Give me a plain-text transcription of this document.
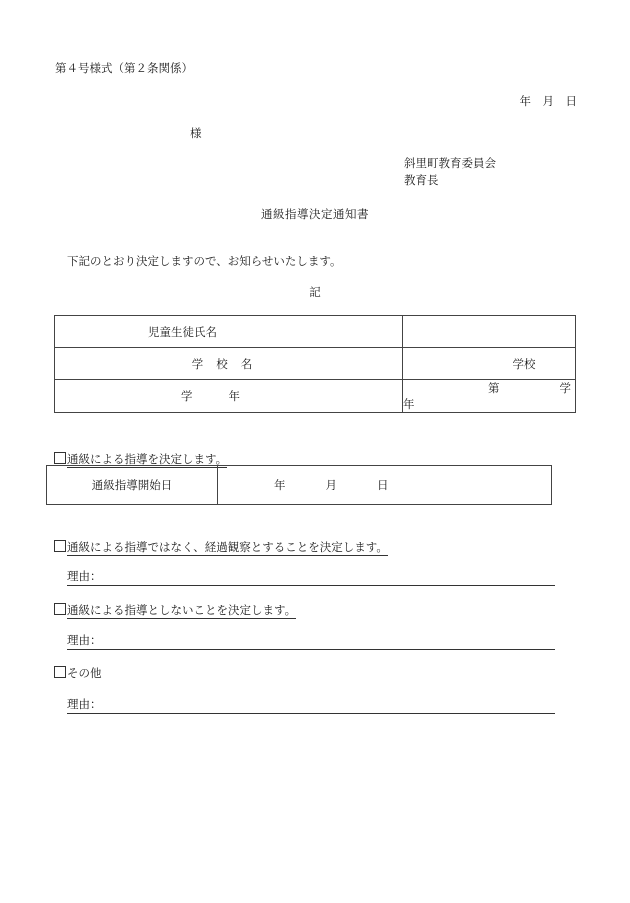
第４号様式（第２条関係）
年　月　日
様
斜里町教育委員会
教育長
通級指導決定通知書
下記のとおり決定しますので、お知らせいたします。
記
児童生徒氏名	
学校名	学校
学年	第 学年
通級による指導を決定します。
通級指導開始日	年	月	日
通級による指導ではなく、経過観察とすることを決定します。
理由：
通級による指導としないことを決定します。
理由：
その他
理由：
